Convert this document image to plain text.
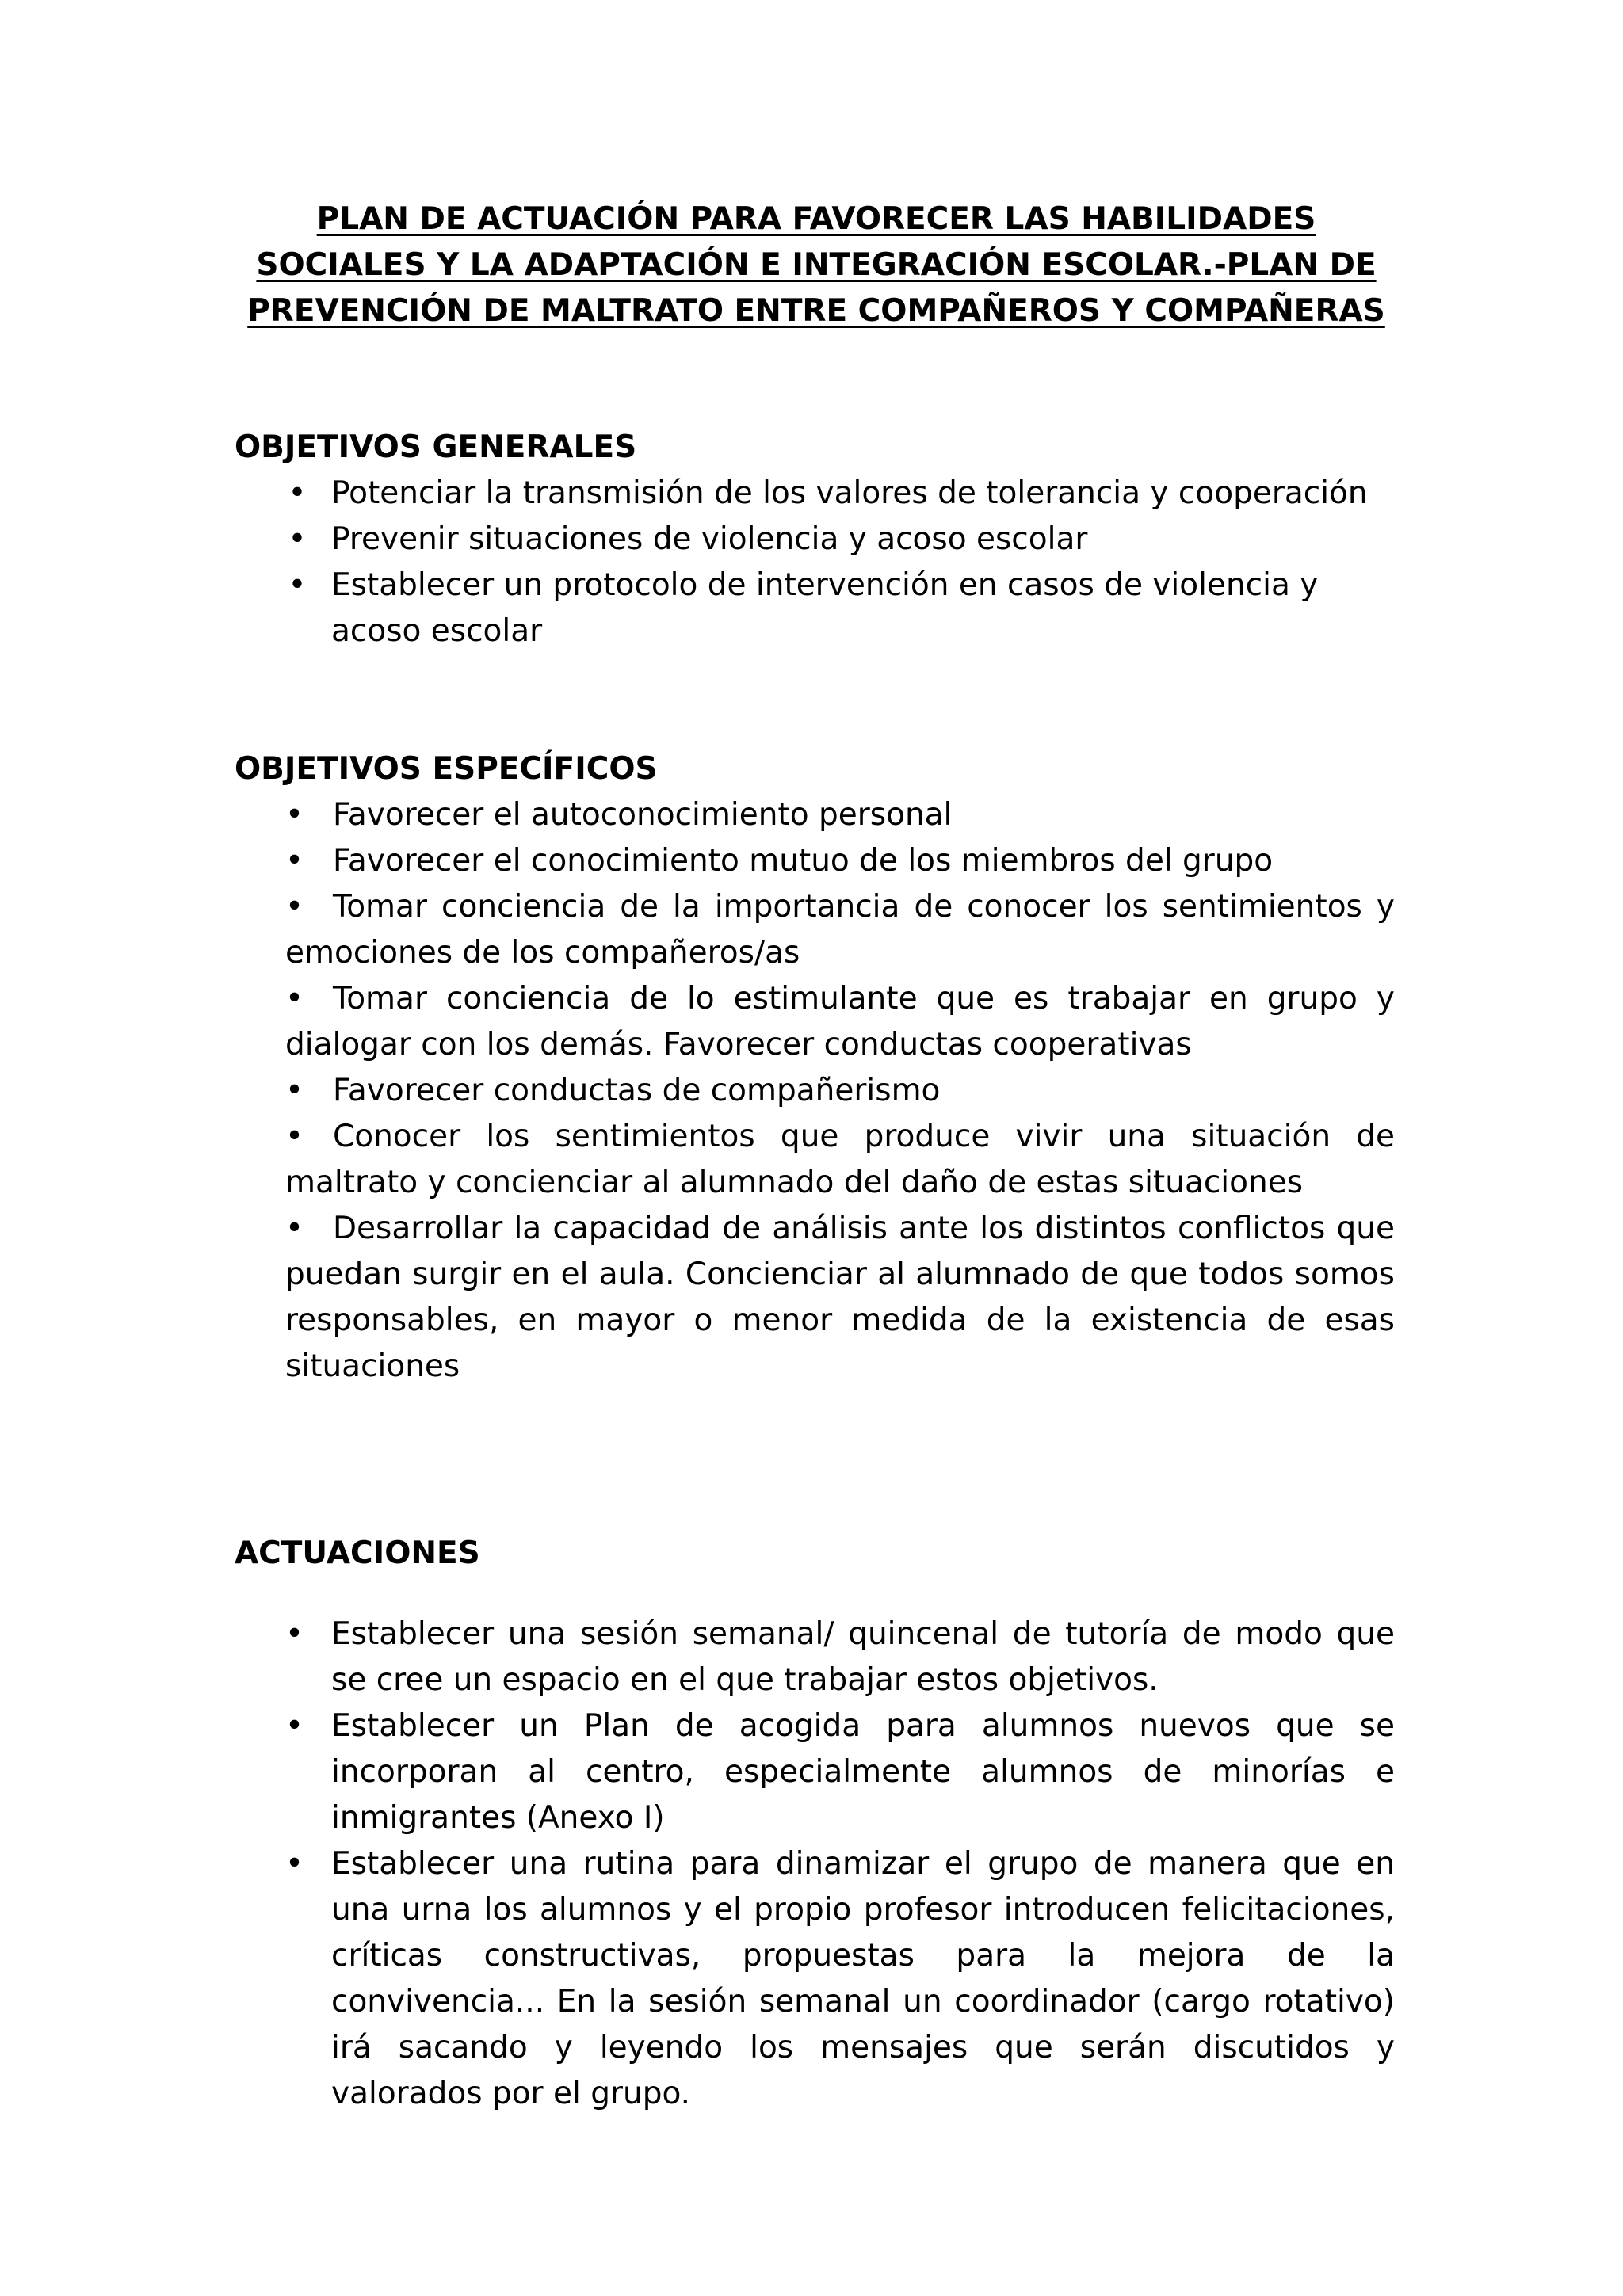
PLAN DE ACTUACIÓN PARA FAVORECER LAS HABILIDADES
SOCIALES Y LA ADAPTACIÓN E INTEGRACIÓN ESCOLAR.-PLAN DE
PREVENCIÓN DE MALTRATO ENTRE COMPAÑEROS Y COMPAÑERAS
OBJETIVOS GENERALES
• Potenciar la transmisión de los valores de tolerancia y cooperación
• Prevenir situaciones de violencia y acoso escolar
• Establecer un protocolo de intervención en casos de violencia y acoso escolar
OBJETIVOS ESPECÍFICOS
• Favorecer el autoconocimiento personal
• Favorecer el conocimiento mutuo de los miembros del grupo
• Tomar conciencia de la importancia de conocer los sentimientos y emociones de los compañeros/as
• Tomar conciencia de lo estimulante que es trabajar en grupo y dialogar con los demás. Favorecer conductas cooperativas
• Favorecer conductas de compañerismo
• Conocer los sentimientos que produce vivir una situación de maltrato y concienciar al alumnado del daño de estas situaciones
• Desarrollar la capacidad de análisis ante los distintos conflictos que puedan surgir en el aula. Concienciar al alumnado de que todos somos responsables, en mayor o menor medida de la existencia de esas situaciones
ACTUACIONES
• Establecer una sesión semanal/ quincenal de tutoría de modo que se cree un espacio en el que trabajar estos objetivos.
• Establecer un Plan de acogida para alumnos nuevos que se incorporan al centro, especialmente alumnos de minorías e inmigrantes (Anexo I)
• Establecer una rutina para dinamizar el grupo de manera que en una urna los alumnos y el propio profesor introducen felicitaciones, críticas constructivas, propuestas para la mejora de la convivencia... En la sesión semanal un coordinador (cargo rotativo) irá sacando y leyendo los mensajes que serán discutidos y valorados por el grupo.
